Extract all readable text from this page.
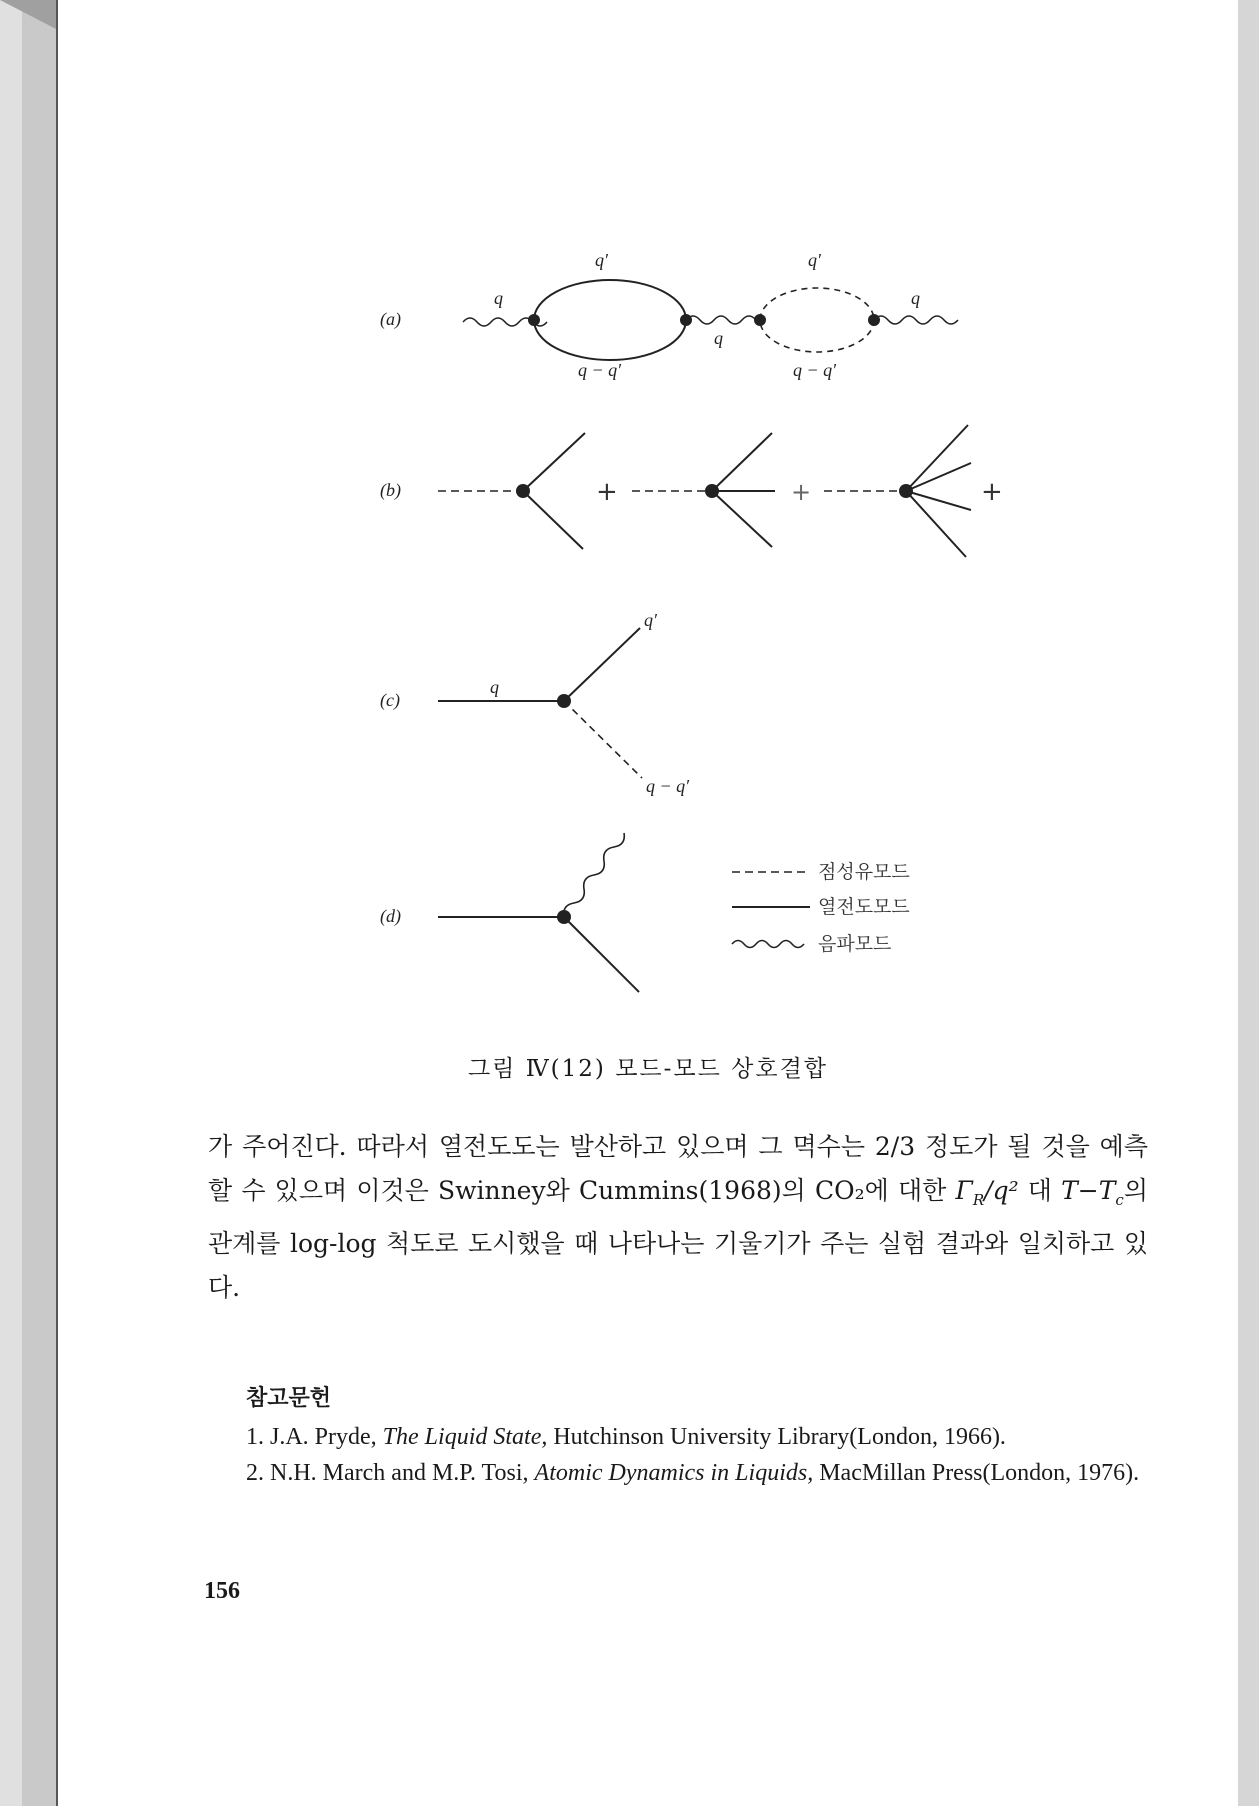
(a)
q
q′
q − q′
q
q′
q − q′
q
(b)	+	+	+
(c)
q
q′
q − q′
(d)
점성유모드
열전도모드
음파모드
그림 Ⅳ(12) 모드-모드 상호결합

가 주어진다. 따라서 열전도도는 발산하고 있으며 그 멱수는 2/3 정도가 될 것을 예측할 수 있으며 이것은 Swinney와 Cummins(1968)의 CO₂에 대한 $\Gamma_R/q^2$ 대 $T-T_c$의 관계를 log-log 척도로 도시했을 때 나타나는 기울기가 주는 실험 결과와 일치하고 있다.

참고문헌
1. J.A. Pryde, The Liquid State, Hutchinson University Library(London, 1966).
2. N.H. March and M.P. Tosi, Atomic Dynamics in Liquids, MacMillan Press(London, 1976).
156
